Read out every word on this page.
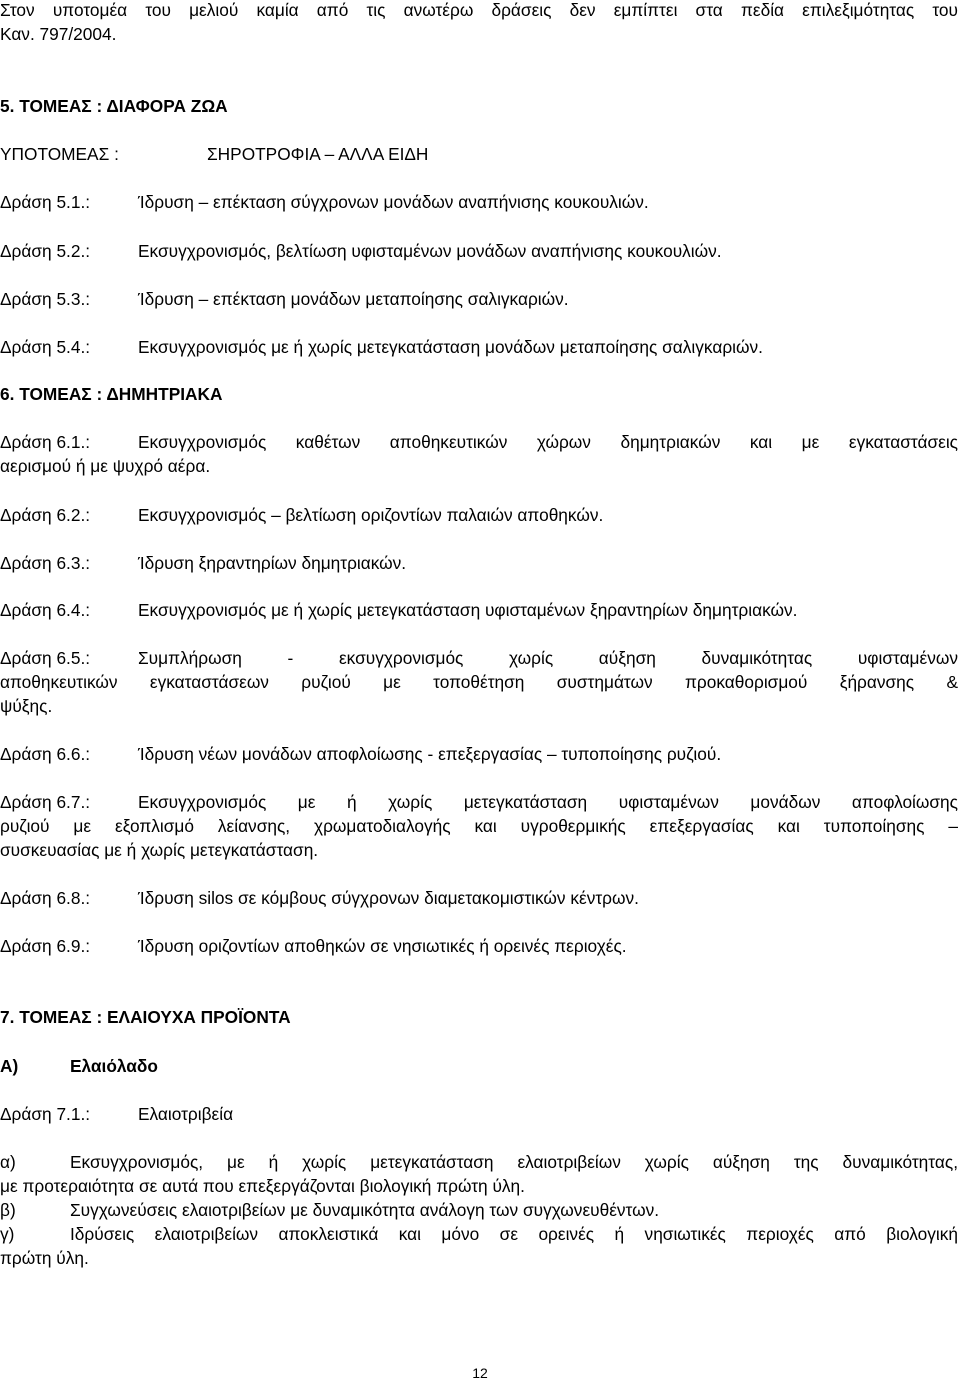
Στον υποτομέα του μελιού καμία από τις ανωτέρω δράσεις δεν εμπίπτει στα πεδία επιλεξιμότητας του
Καν. 797/2004.
5. ΤΟΜΕΑΣ : ΔΙΑΦΟΡΑ ΖΩΑ
ΥΠΟΤΟΜΕΑΣ :	ΣΗΡΟΤΡΟΦΙΑ – ΑΛΛΑ ΕΙΔΗ
Δράση 5.1.:	Ίδρυση – επέκταση σύγχρονων μονάδων αναπήνισης κουκουλιών.
Δράση 5.2.:	Εκσυγχρονισμός, βελτίωση υφισταμένων μονάδων αναπήνισης κουκουλιών.
Δράση 5.3.:	Ίδρυση – επέκταση μονάδων μεταποίησης σαλιγκαριών.
Δράση 5.4.:	Εκσυγχρονισμός με ή χωρίς μετεγκατάσταση μονάδων μεταποίησης σαλιγκαριών.
6. ΤΟΜΕΑΣ : ΔΗΜΗΤΡΙΑΚΑ
Δράση 6.1.:	Εκσυγχρονισμός καθέτων αποθηκευτικών χώρων δημητριακών και με εγκαταστάσεις
αερισμού ή με ψυχρό αέρα.
Δράση 6.2.:	Εκσυγχρονισμός – βελτίωση οριζοντίων παλαιών αποθηκών.
Δράση 6.3.:	Ίδρυση ξηραντηρίων δημητριακών.
Δράση 6.4.:	Εκσυγχρονισμός με ή χωρίς μετεγκατάσταση υφισταμένων ξηραντηρίων δημητριακών.
Δράση 6.5.:	Συμπλήρωση - εκσυγχρονισμός χωρίς αύξηση δυναμικότητας υφισταμένων
αποθηκευτικών εγκαταστάσεων ρυζιού με τοποθέτηση συστημάτων προκαθορισμού ξήρανσης &
ψύξης.
Δράση 6.6.:	Ίδρυση νέων μονάδων αποφλοίωσης - επεξεργασίας – τυποποίησης ρυζιού.
Δράση 6.7.:	Εκσυγχρονισμός με ή χωρίς μετεγκατάσταση υφισταμένων μονάδων αποφλοίωσης
ρυζιού με εξοπλισμό λείανσης, χρωματοδιαλογής και υγροθερμικής επεξεργασίας και τυποποίησης –
συσκευασίας με ή χωρίς μετεγκατάσταση.
Δράση 6.8.:	Ίδρυση silos σε κόμβους σύγχρονων διαμετακομιστικών κέντρων.
Δράση 6.9.:	Ίδρυση οριζοντίων αποθηκών σε νησιωτικές ή ορεινές περιοχές.
7. ΤΟΜΕΑΣ : ΕΛΑΙΟΥΧΑ ΠΡΟΪΟΝΤΑ
Α)	Ελαιόλαδο
Δράση 7.1.:	Ελαιοτριβεία
α)	Εκσυγχρονισμός, με ή χωρίς μετεγκατάσταση ελαιοτριβείων χωρίς αύξηση της δυναμικότητας,
με προτεραιότητα σε αυτά που επεξεργάζονται βιολογική πρώτη ύλη.
β)	Συγχωνεύσεις ελαιοτριβείων με δυναμικότητα ανάλογη των συγχωνευθέντων.
γ)	Ιδρύσεις ελαιοτριβείων αποκλειστικά και μόνο σε ορεινές ή νησιωτικές περιοχές από βιολογική
πρώτη ύλη.
12
